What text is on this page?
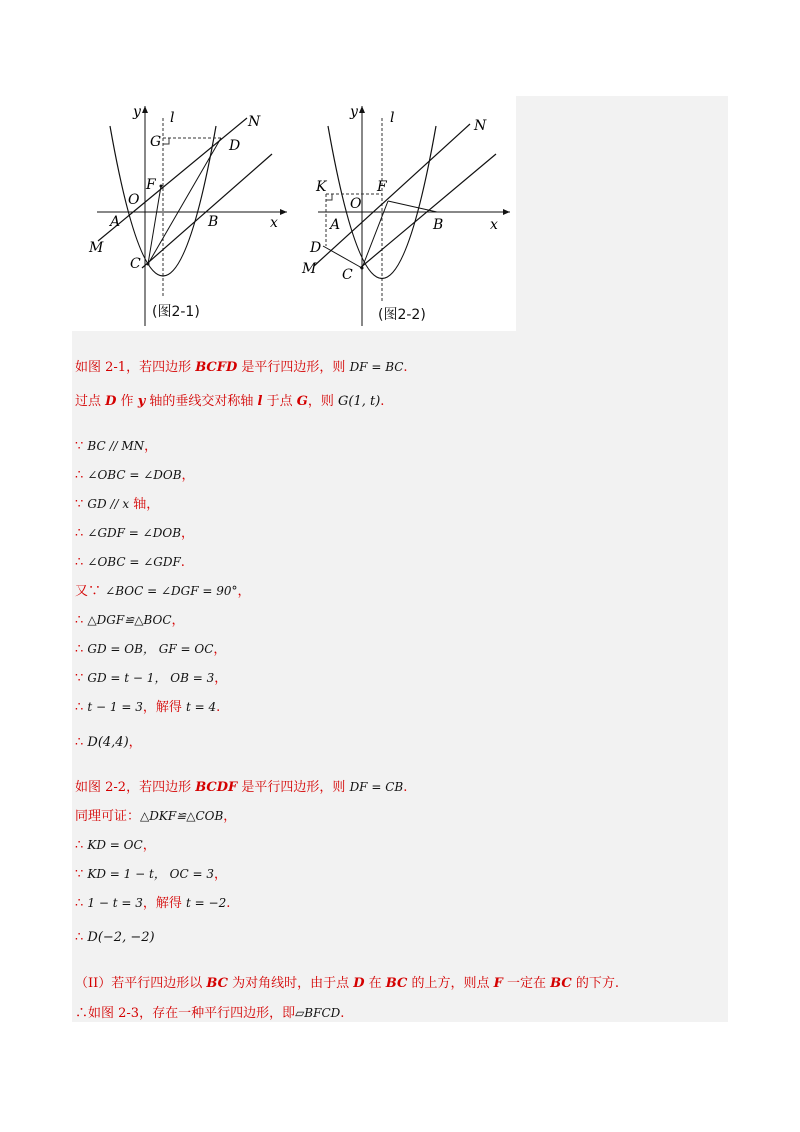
y l	N
G	D
F
O
A	B	x
M
C
(图2-1)
y l	N
K	F
O
A	B	x
D
M C
(图2-2)
如图 2-1，若四边形 BCFD 是平行四边形，则 DF = BC.
过点 D 作 y 轴的垂线交对称轴 l 于点 G，则 G(1, t).
∵ BC // MN，
∴ ∠OBC = ∠DOB，
∵ GD // x 轴，
∴ ∠GDF = ∠DOB，
∴ ∠OBC = ∠GDF.
又∵ ∠BOC = ∠DGF = 90°，
∴ △DGF≌△BOC，
∴ GD = OB， GF = OC，
∵ GD = t − 1， OB = 3，
∴ t − 1 = 3，解得 t = 4.
∴ D(4,4)，
如图 2-2，若四边形 BCDF 是平行四边形，则 DF = CB.
同理可证：△DKF≌△COB，
∴ KD = OC，
∵ KD = 1 − t， OC = 3，
∴ 1 − t = 3，解得 t = −2.
∴ D(−2, −2)
（II）若平行四边形以 BC 为对角线时，由于点 D 在 BC 的上方，则点 F 一定在 BC 的下方.
∴如图 2-3，存在一种平行四边形，即▱BFCD.
